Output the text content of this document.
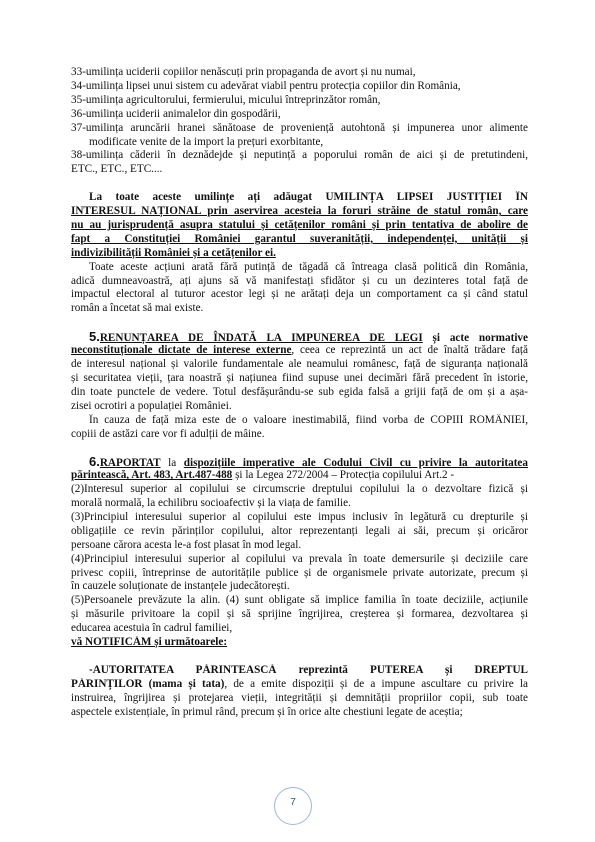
33-umilința uciderii copiilor nenăscuți prin propaganda de avort și nu numai,
34-umilința lipsei unui sistem cu adevărat viabil pentru protecția copiilor din România,
35-umilința agricultorului, fermierului, micului întreprinzător român,
36-umilința uciderii animalelor din gospodării,
37-umilința aruncării hranei sănătoase de proveniență autohtonă și impunerea unor alimente
modificate venite de la import la prețuri exorbitante,
38-umilința căderii în deznădejde și neputință a poporului român de aici și de pretutindeni,
ETC., ETC., ETC....
La toate aceste umilințe ați adăugat UMILINȚA LIPSEI JUSTIȚIEI ÎN
INTERESUL NAȚIONAL prin aservirea acesteia la foruri străine de statul român, care
nu au jurisprudență asupra statului și cetățenilor români și prin tentativa de abolire de
fapt a Constituției României garantul suveranității, independenței, unității și
indivizibilității României și a cetățenilor ei.
Toate aceste acțiuni arată fără putință de tăgadă că întreaga clasă politică din România,
adică dumneavoastră, ați ajuns să vă manifestați sfidător și cu un dezinteres total față de
impactul electoral al tuturor acestor legi și ne arătați deja un comportament ca și când statul
român a încetat să mai existe.
5.RENUNȚAREA DE ÎNDATĂ LA IMPUNEREA DE LEGI și acte normative
neconstituționale dictate de interese externe, ceea ce reprezintă un act de înaltă trădare față
de interesul național și valorile fundamentale ale neamului românesc, față de siguranța națională
și securitatea vieții, țara noastră și națiunea fiind supuse unei decimări fără precedent în istorie,
din toate punctele de vedere. Totul desfășurându-se sub egida falsă a grijii față de om și a așa-
zisei ocrotiri a populației României.
În cauza de față miza este de o valoare inestimabilă, fiind vorba de COPIII ROMÂNIEI,
copiii de astăzi care vor fi adulții de mâine.
6.RAPORTAT la dispozițiile imperative ale Codului Civil cu privire la autoritatea
părintească, Art. 483, Art.487-488 și la Legea 272/2004 – Protecția copilului Art.2 -
(2)Interesul superior al copilului se circumscrie dreptului copilului la o dezvoltare fizică și
morală normală, la echilibru socioafectiv și la viața de familie.
(3)Principiul interesului superior al copilului este impus inclusiv în legătură cu drepturile și
obligațiile ce revin părinților copilului, altor reprezentanți legali ai săi, precum și oricăror
persoane cărora acesta le-a fost plasat în mod legal.
(4)Principiul interesului superior al copilului va prevala în toate demersurile și deciziile care
privesc copiii, întreprinse de autoritățile publice și de organismele private autorizate, precum și
în cauzele soluționate de instanțele judecătorești.
(5)Persoanele prevăzute la alin. (4) sunt obligate să implice familia în toate deciziile, acțiunile
și măsurile privitoare la copil și să sprijine îngrijirea, creșterea și formarea, dezvoltarea și
educarea acestuia în cadrul familiei,
vă NOTIFICĂM și următoarele:
-AUTORITATEA PĂRINTEASCĂ reprezintă PUTEREA și DREPTUL
PĂRINȚILOR (mama și tata), de a emite dispoziții și de a impune ascultare cu privire la
instruirea, îngrijirea și protejarea vieții, integrității și demnității propriilor copii, sub toate
aspectele existențiale, în primul rând, precum și în orice alte chestiuni legate de aceștia;
7
